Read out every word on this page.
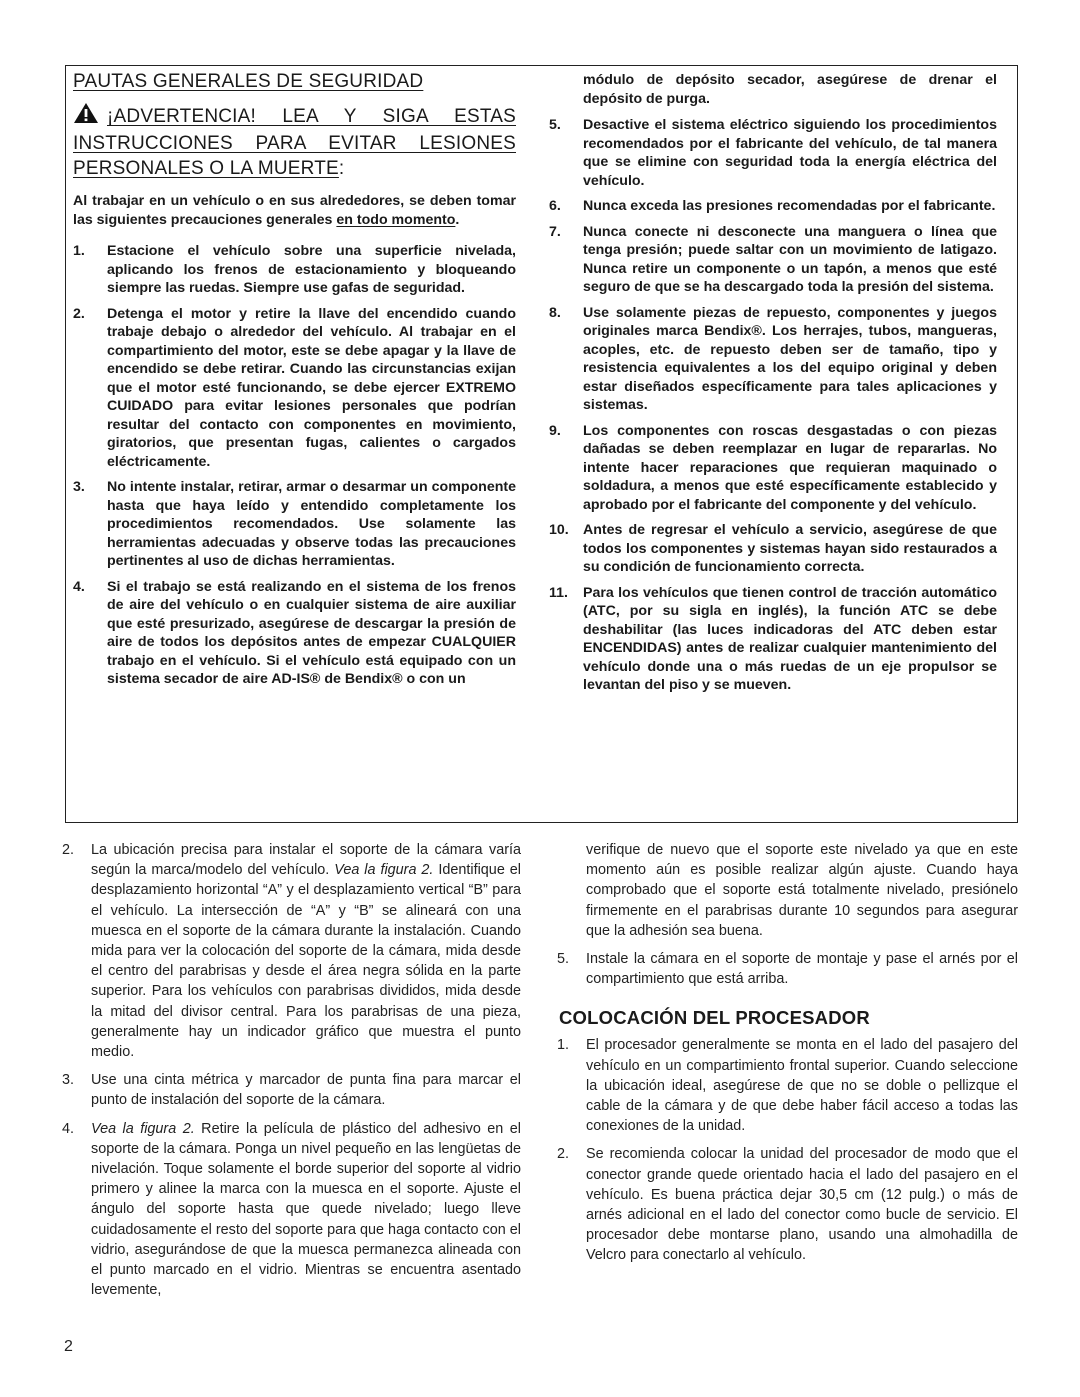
PAUTAS GENERALES DE SEGURIDAD

¡ADVERTENCIA! LEA Y SIGA ESTAS INSTRUCCIONES PARA EVITAR LESIONES PERSONALES O LA MUERTE:

Al trabajar en un vehículo o en sus alrededores, se deben tomar las siguientes precauciones generales en todo momento.

1.	Estacione el vehículo sobre una superficie nivelada, aplicando los frenos de estacionamiento y bloqueando siempre las ruedas. Siempre use gafas de seguridad.
2.	Detenga el motor y retire la llave del encendido cuando trabaje debajo o alrededor del vehículo. Al trabajar en el compartimiento del motor, este se debe apagar y la llave de encendido se debe retirar. Cuando las circunstancias exijan que el motor esté funcionando, se debe ejercer EXTREMO CUIDADO para evitar lesiones personales que podrían resultar del contacto con componentes en movimiento, giratorios, que presentan fugas, calientes o cargados eléctricamente.
3.	No intente instalar, retirar, armar o desarmar un componente hasta que haya leído y entendido completamente los procedimientos recomendados. Use solamente las herramientas adecuadas y observe todas las precauciones pertinentes al uso de dichas herramientas.
4.	Si el trabajo se está realizando en el sistema de los frenos de aire del vehículo o en cualquier sistema de aire auxiliar que esté presurizado, asegúrese de descargar la presión de aire de todos los depósitos antes de empezar CUALQUIER trabajo en el vehículo. Si el vehículo está equipado con un sistema secador de aire AD-IS® de Bendix® o con un

módulo de depósito secador, asegúrese de drenar el depósito de purga.

5.	Desactive el sistema eléctrico siguiendo los procedimientos recomendados por el fabricante del vehículo, de tal manera que se elimine con seguridad toda la energía eléctrica del vehículo.
6.	Nunca exceda las presiones recomendadas por el fabricante.
7.	Nunca conecte ni desconecte una manguera o línea que tenga presión; puede saltar con un movimiento de latigazo. Nunca retire un componente o un tapón, a menos que esté seguro de que se ha descargado toda la presión del sistema.
8.	Use solamente piezas de repuesto, componentes y juegos originales marca Bendix®. Los herrajes, tubos, mangueras, acoples, etc. de repuesto deben ser de tamaño, tipo y resistencia equivalentes a los del equipo original y deben estar diseñados específicamente para tales aplicaciones y sistemas.
9.	Los componentes con roscas desgastadas o con piezas dañadas se deben reemplazar en lugar de repararlas. No intente hacer reparaciones que requieran maquinado o soldadura, a menos que esté específicamente establecido y aprobado por el fabricante del componente y del vehículo.
10.	Antes de regresar el vehículo a servicio, asegúrese de que todos los componentes y sistemas hayan sido restaurados a su condición de funcionamiento correcta.
11.	Para los vehículos que tienen control de tracción automático (ATC, por su sigla en inglés), la función ATC se debe deshabilitar (las luces indicadoras del ATC deben estar ENCENDIDAS) antes de realizar cualquier mantenimiento del vehículo donde una o más ruedas de un eje propulsor se levantan del piso y se mueven.
2.	La ubicación precisa para instalar el soporte de la cámara varía según la marca/modelo del vehículo. Vea la figura 2. Identifique el desplazamiento horizontal “A” y el desplazamiento vertical “B” para el vehículo. La intersección de “A” y “B” se alineará con una muesca en el soporte de la cámara durante la instalación. Cuando mida para ver la colocación del soporte de la cámara, mida desde el centro del parabrisas y desde el área negra sólida en la parte superior. Para los vehículos con parabrisas divididos, mida desde la mitad del divisor central. Para los parabrisas de una pieza, generalmente hay un indicador gráfico que muestra el punto medio.
3.	Use una cinta métrica y marcador de punta fina para marcar el punto de instalación del soporte de la cámara.
4.	Vea la figura 2. Retire la película de plástico del adhesivo en el soporte de la cámara. Ponga un nivel pequeño en las lengüetas de nivelación. Toque solamente el borde superior del soporte al vidrio primero y alinee la marca con la muesca en el soporte. Ajuste el ángulo del soporte hasta que quede nivelado; luego lleve cuidadosamente el resto del soporte para que haga contacto con el vidrio, asegurándose de que la muesca permanezca alineada con el punto marcado en el vidrio. Mientras se encuentra asentado levemente,

verifique de nuevo que el soporte este nivelado ya que en este momento aún es posible realizar algún ajuste. Cuando haya comprobado que el soporte está totalmente nivelado, presiónelo firmemente en el parabrisas durante 10 segundos para asegurar que la adhesión sea buena.

5.	Instale la cámara en el soporte de montaje y pase el arnés por el compartimiento que está arriba.
COLOCACIÓN DEL PROCESADOR
1.	El procesador generalmente se monta en el lado del pasajero del vehículo en un compartimiento frontal superior. Cuando seleccione la ubicación ideal, asegúrese de que no se doble o pellizque el cable de la cámara y de que debe haber fácil acceso a todas las conexiones de la unidad.
2.	Se recomienda colocar la unidad del procesador de modo que el conector grande quede orientado hacia el lado del pasajero en el vehículo. Es buena práctica dejar 30,5 cm (12 pulg.) o más de arnés adicional en el lado del conector como bucle de servicio. El procesador debe montarse plano, usando una almohadilla de Velcro para conectarlo al vehículo.
2
